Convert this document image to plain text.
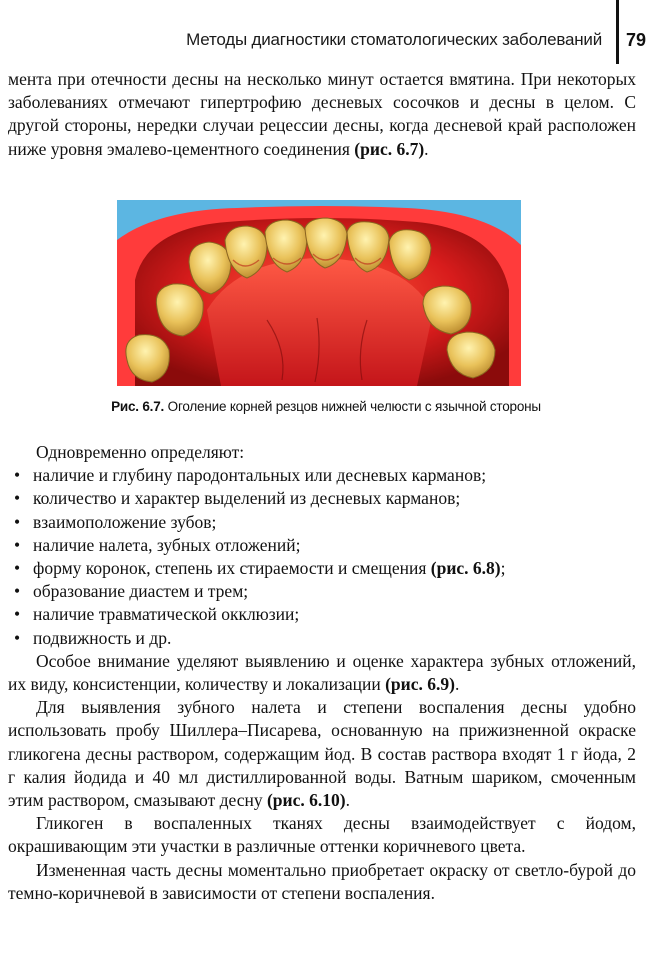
Методы диагностики стоматологических заболеваний 79

мента при отечности десны на несколько минут остается вмятина. При некоторых заболеваниях отмечают гипертрофию десневых сосочков и десны в целом. С другой стороны, нередки случаи рецессии десны, когда десневой край расположен ниже уровня эмалево-цементного соединения (рис. 6.7).

Рис. 6.7. Оголение корней резцов нижней челюсти с язычной стороны

Одновременно определяют:

• наличие и глубину пародонтальных или десневых карманов;
• количество и характер выделений из десневых карманов;
• взаимоположение зубов;
• наличие налета, зубных отложений;
• форму коронок, степень их стираемости и смещения (рис. 6.8);
• образование диастем и трем;
• наличие травматической окклюзии;
• подвижность и др.

Особое внимание уделяют выявлению и оценке характера зубных отложений, их виду, консистенции, количеству и локализации (рис. 6.9).

Для выявления зубного налета и степени воспаления десны удобно использовать пробу Шиллера–Писарева, основанную на прижизненной окраске гликогена десны раствором, содержащим йод. В состав раствора входят 1 г йода, 2 г калия йодида и 40 мл дистиллированной воды. Ватным шариком, смоченным этим раствором, смазывают десну (рис. 6.10).

Гликоген в воспаленных тканях десны взаимодействует с йодом, окрашивающим эти участки в различные оттенки коричневого цвета.

Измененная часть десны моментально приобретает окраску от светло-бурой до темно-коричневой в зависимости от степени воспаления.
